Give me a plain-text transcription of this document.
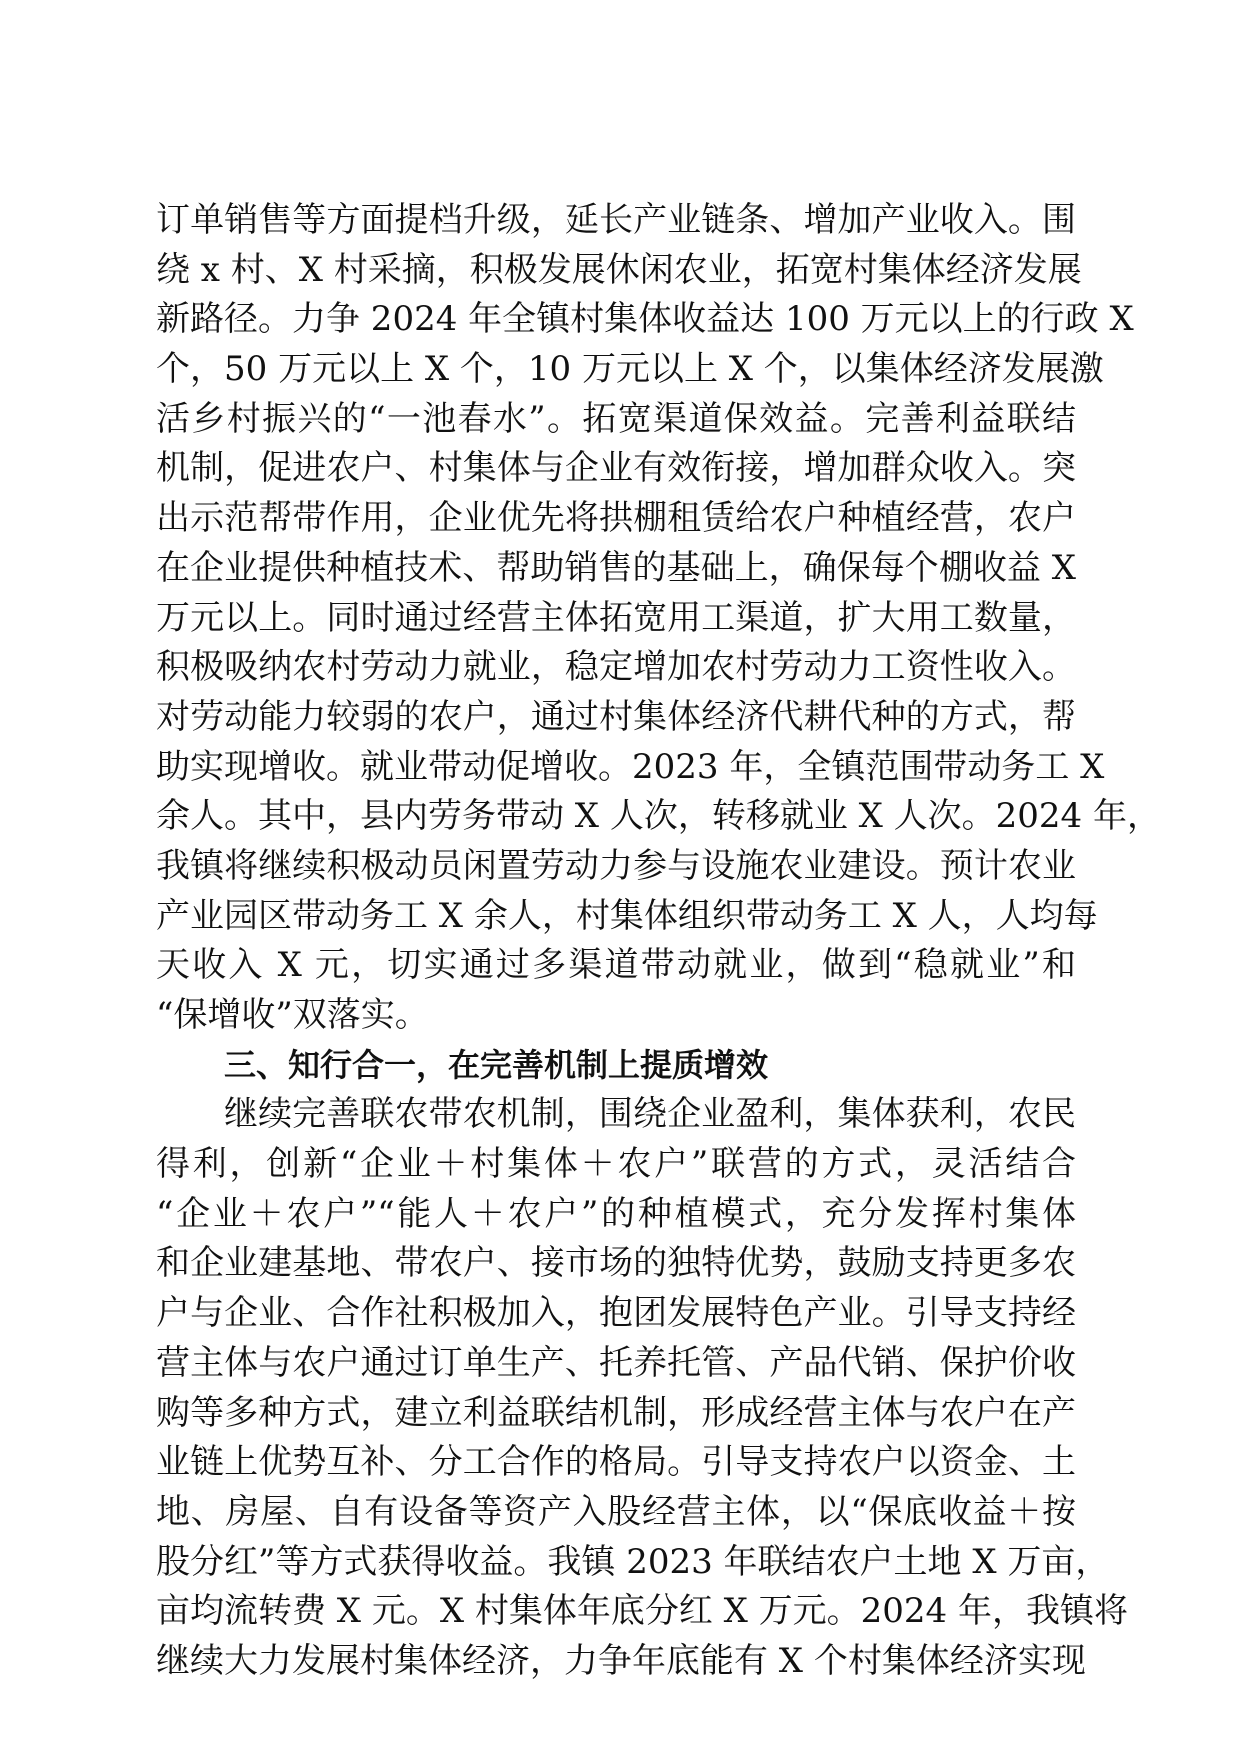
订单销售等方面提档升级，延长产业链条、增加产业收入。围
绕 x 村、X 村采摘，积极发展休闲农业，拓宽村集体经济发展
新路径。力争 2024 年全镇村集体收益达 100 万元以上的行政 X
个，50 万元以上 X 个，10 万元以上 X 个，以集体经济发展激
活乡村振兴的“一池春水”。拓宽渠道保效益。完善利益联结
机制，促进农户、村集体与企业有效衔接，增加群众收入。突
出示范帮带作用，企业优先将拱棚租赁给农户种植经营，农户
在企业提供种植技术、帮助销售的基础上，确保每个棚收益 X
万元以上。同时通过经营主体拓宽用工渠道，扩大用工数量，
积极吸纳农村劳动力就业，稳定增加农村劳动力工资性收入。
对劳动能力较弱的农户，通过村集体经济代耕代种的方式，帮
助实现增收。就业带动促增收。2023 年，全镇范围带动务工 X
余人。其中，县内劳务带动 X 人次，转移就业 X 人次。2024 年，
我镇将继续积极动员闲置劳动力参与设施农业建设。预计农业
产业园区带动务工 X 余人，村集体组织带动务工 X 人，人均每
天收入 X 元，切实通过多渠道带动就业，做到“稳就业”和
“保增收”双落实。
三、知行合一，在完善机制上提质增效
继续完善联农带农机制，围绕企业盈利，集体获利，农民
得利，创新“企业＋村集体＋农户”联营的方式，灵活结合
“企业＋农户”“能人＋农户”的种植模式，充分发挥村集体
和企业建基地、带农户、接市场的独特优势，鼓励支持更多农
户与企业、合作社积极加入，抱团发展特色产业。引导支持经
营主体与农户通过订单生产、托养托管、产品代销、保护价收
购等多种方式，建立利益联结机制，形成经营主体与农户在产
业链上优势互补、分工合作的格局。引导支持农户以资金、土
地、房屋、自有设备等资产入股经营主体，以“保底收益＋按
股分红”等方式获得收益。我镇 2023 年联结农户土地 X 万亩，
亩均流转费 X 元。X 村集体年底分红 X 万元。2024 年，我镇将
继续大力发展村集体经济，力争年底能有 X 个村集体经济实现
